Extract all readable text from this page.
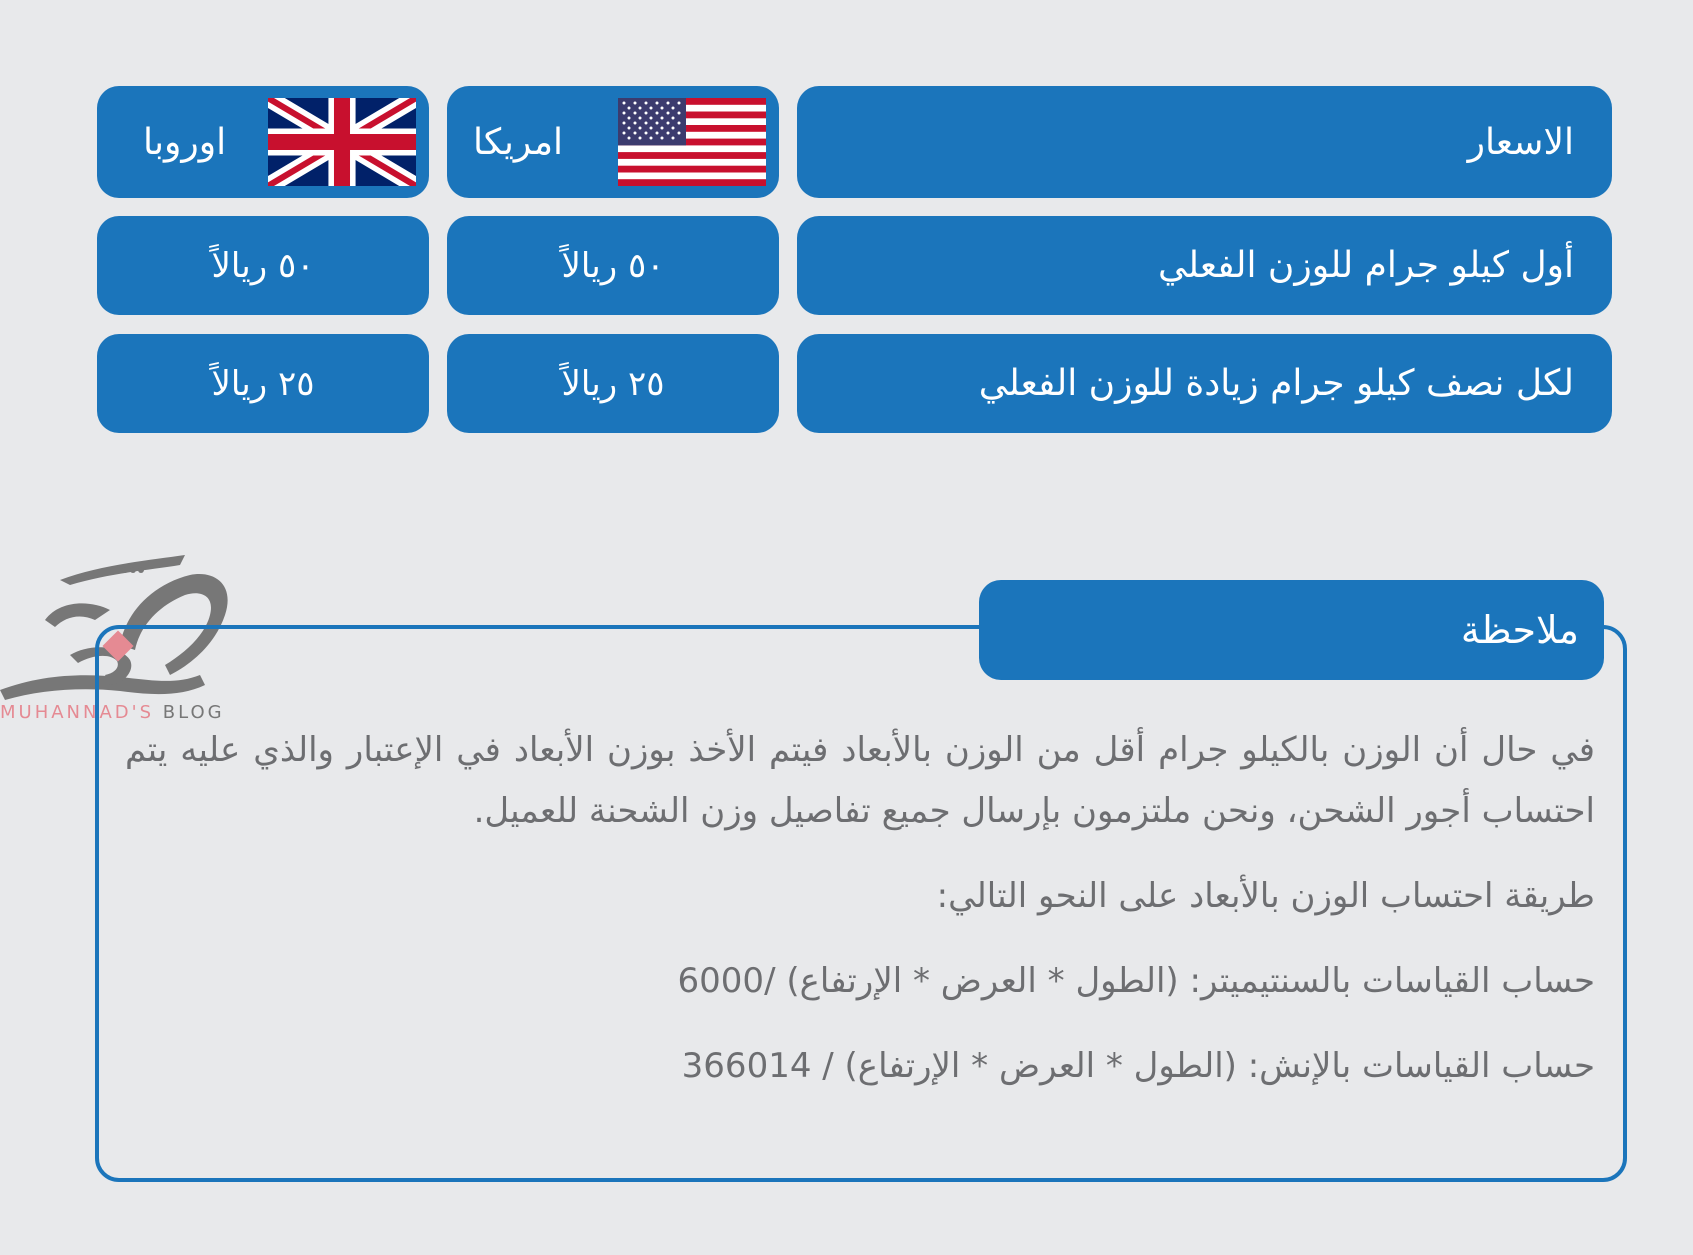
الاسعار
امريكا
اوروبا
أول كيلو جرام للوزن الفعلي
٥٠ ريالاً
٥٠ ريالاً
لكل نصف كيلو جرام زيادة للوزن الفعلي
٢٥ ريالاً
٢٥ ريالاً
MUHANNAD'S BLOG
ملاحظة

في حال أن الوزن بالكيلو جرام أقل من الوزن بالأبعاد فيتم الأخذ بوزن الأبعاد في الإعتبار والذي عليه يتم احتساب أجور الشحن، ونحن ملتزمون بإرسال جميع تفاصيل وزن الشحنة للعميل.

طريقة احتساب الوزن بالأبعاد على النحو التالي:

حساب القياسات بالسنتيميتر: (الطول * العرض * الإرتفاع) /6000

حساب القياسات بالإنش: (الطول * العرض * الإرتفاع) / 366014
